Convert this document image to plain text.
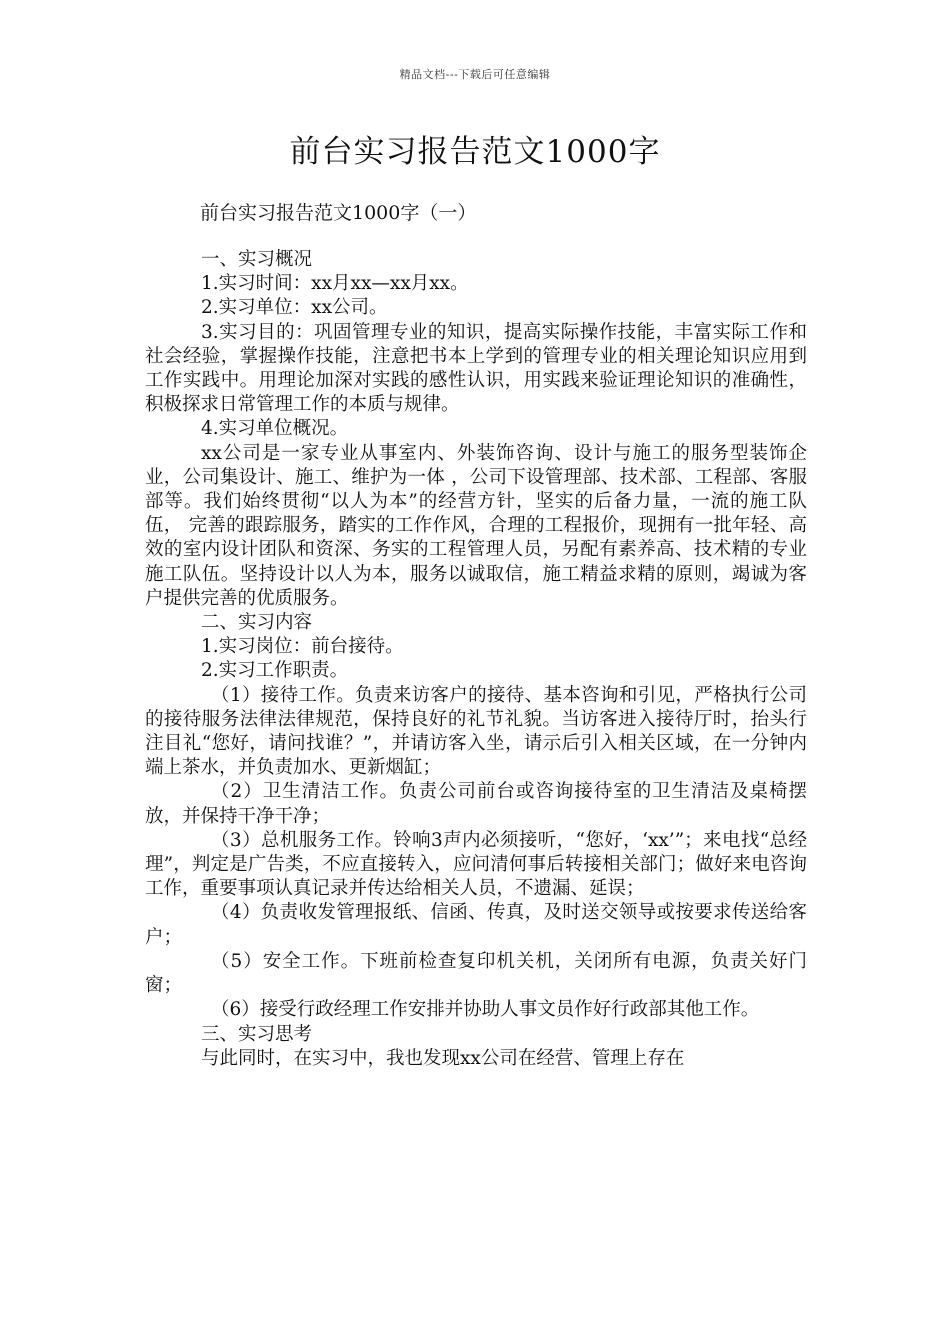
精品文档---下载后可任意编辑
前台实习报告范文1000字

前台实习报告范文1000字（一）

一、实习概况

1.实习时间：xx月xx—xx月xx。

2.实习单位：xx公司。

3.实习目的：巩固管理专业的知识，提高实际操作技能，丰富实际工作和社会经验，掌握操作技能，注意把书本上学到的管理专业的相关理论知识应用到工作实践中。用理论加深对实践的感性认识，用实践来验证理论知识的准确性，积极探求日常管理工作的本质与规律。

4.实习单位概况。

xx公司是一家专业从事室内、外装饰咨询、设计与施工的服务型装饰企业，公司集设计、施工、维护为一体 ，公司下设管理部、技术部、工程部、客服部等。我们始终贯彻“以人为本”的经营方针，坚实的后备力量，一流的施工队伍， 完善的跟踪服务，踏实的工作作风，合理的工程报价，现拥有一批年轻、高效的室内设计团队和资深、务实的工程管理人员，另配有素养高、技术精的专业施工队伍。坚持设计以人为本，服务以诚取信，施工精益求精的原则，竭诚为客户提供完善的优质服务。

二、实习内容

1.实习岗位：前台接待。

2.实习工作职责。

（1）接待工作。负责来访客户的接待、基本咨询和引见，严格执行公司的接待服务法律法律规范，保持良好的礼节礼貌。当访客进入接待厅时，抬头行注目礼“您好，请问找谁？”，并请访客入坐，请示后引入相关区域，在一分钟内端上茶水，并负责加水、更新烟缸；

（2）卫生清洁工作。负责公司前台或咨询接待室的卫生清洁及桌椅摆放，并保持干净干净；

（3）总机服务工作。铃响3声内必须接听，“您好，‘xx’”；来电找“总经理”，判定是广告类，不应直接转入，应问清何事后转接相关部门；做好来电咨询工作，重要事项认真记录并传达给相关人员，不遗漏、延误；

（4）负责收发管理报纸、信函、传真，及时送交领导或按要求传送给客户；

（5）安全工作。下班前检查复印机关机，关闭所有电源，负责关好门窗；

（6）接受行政经理工作安排并协助人事文员作好行政部其他工作。

三、实习思考

与此同时，在实习中，我也发现xx公司在经营、管理上存在
